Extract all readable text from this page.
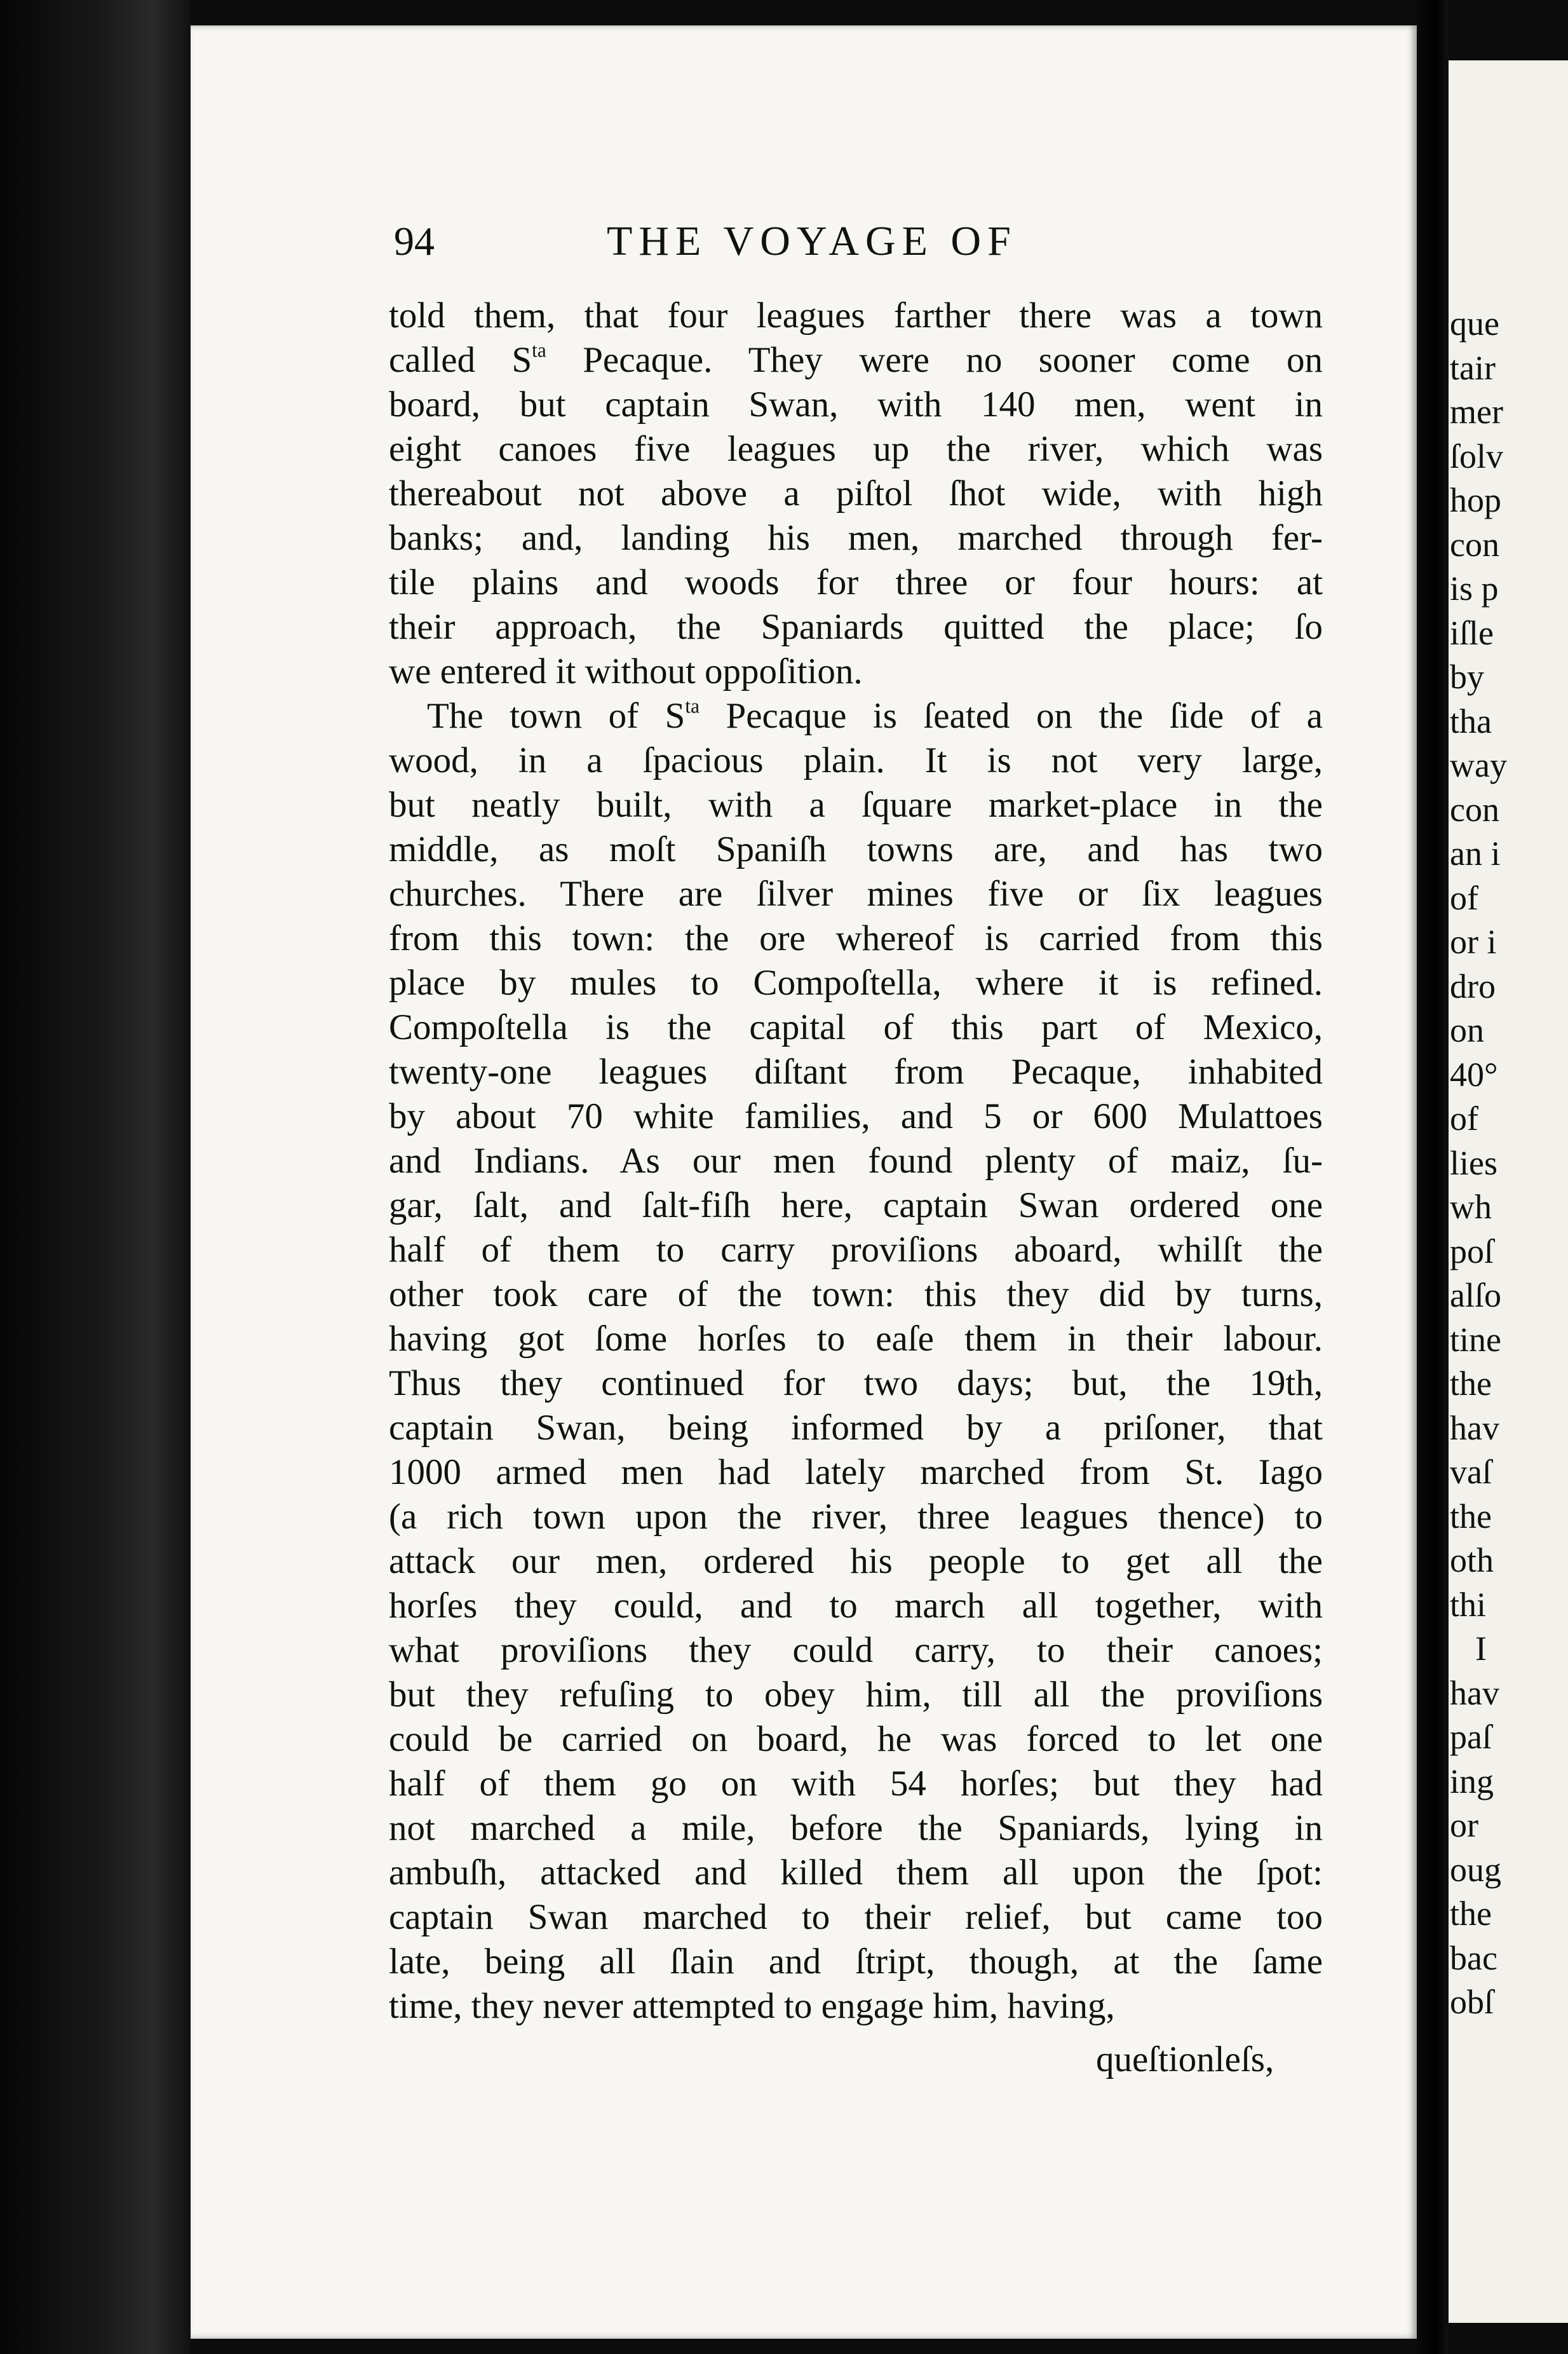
que
tair
mer
ſolv
hop
con
is p
iſle
by
tha
way
con
an i
of
or i
dro
on
40°
of
lies
wh
poſ
alſo
tine
the
hav
vaſ
the
oth
thi
I
hav
paſ
ing
or
oug
the
bac
obſ
94	THE VOYAGE OF
told them, that four leagues farther there was a town
called $S^{ta}$ Pecaque. They were no sooner come on
board, but captain Swan, with 140 men, went in
eight canoes five leagues up the river, which was
thereabout not above a piſtol ſhot wide, with high
banks; and, landing his men, marched through fer-
tile plains and woods for three or four hours: at
their approach, the Spaniards quitted the place; ſo
we entered it without oppoſition.
The town of $S^{ta}$ Pecaque is ſeated on the ſide of a
wood, in a ſpacious plain. It is not very large,
but neatly built, with a ſquare market-place in the
middle, as moſt Spaniſh towns are, and has two
churches. There are ſilver mines five or ſix leagues
from this town: the ore whereof is carried from this
place by mules to Compoſtella, where it is refined.
Compoſtella is the capital of this part of Mexico,
twenty-one leagues diſtant from Pecaque, inhabited
by about 70 white families, and 5 or 600 Mulattoes
and Indians. As our men found plenty of maiz, ſu-
gar, ſalt, and ſalt-fiſh here, captain Swan ordered one
half of them to carry proviſions aboard, whilſt the
other took care of the town: this they did by turns,
having got ſome horſes to eaſe them in their labour.
Thus they continued for two days; but, the 19th,
captain Swan, being informed by a priſoner, that
1000 armed men had lately marched from St. Iago
(a rich town upon the river, three leagues thence) to
attack our men, ordered his people to get all the
horſes they could, and to march all together, with
what proviſions they could carry, to their canoes;
but they refuſing to obey him, till all the proviſions
could be carried on board, he was forced to let one
half of them go on with 54 horſes; but they had
not marched a mile, before the Spaniards, lying in
ambuſh, attacked and killed them all upon the ſpot:
captain Swan marched to their relief, but came too
late, being all ſlain and ſtript, though, at the ſame
time, they never attempted to engage him, having,
queſtionleſs,
